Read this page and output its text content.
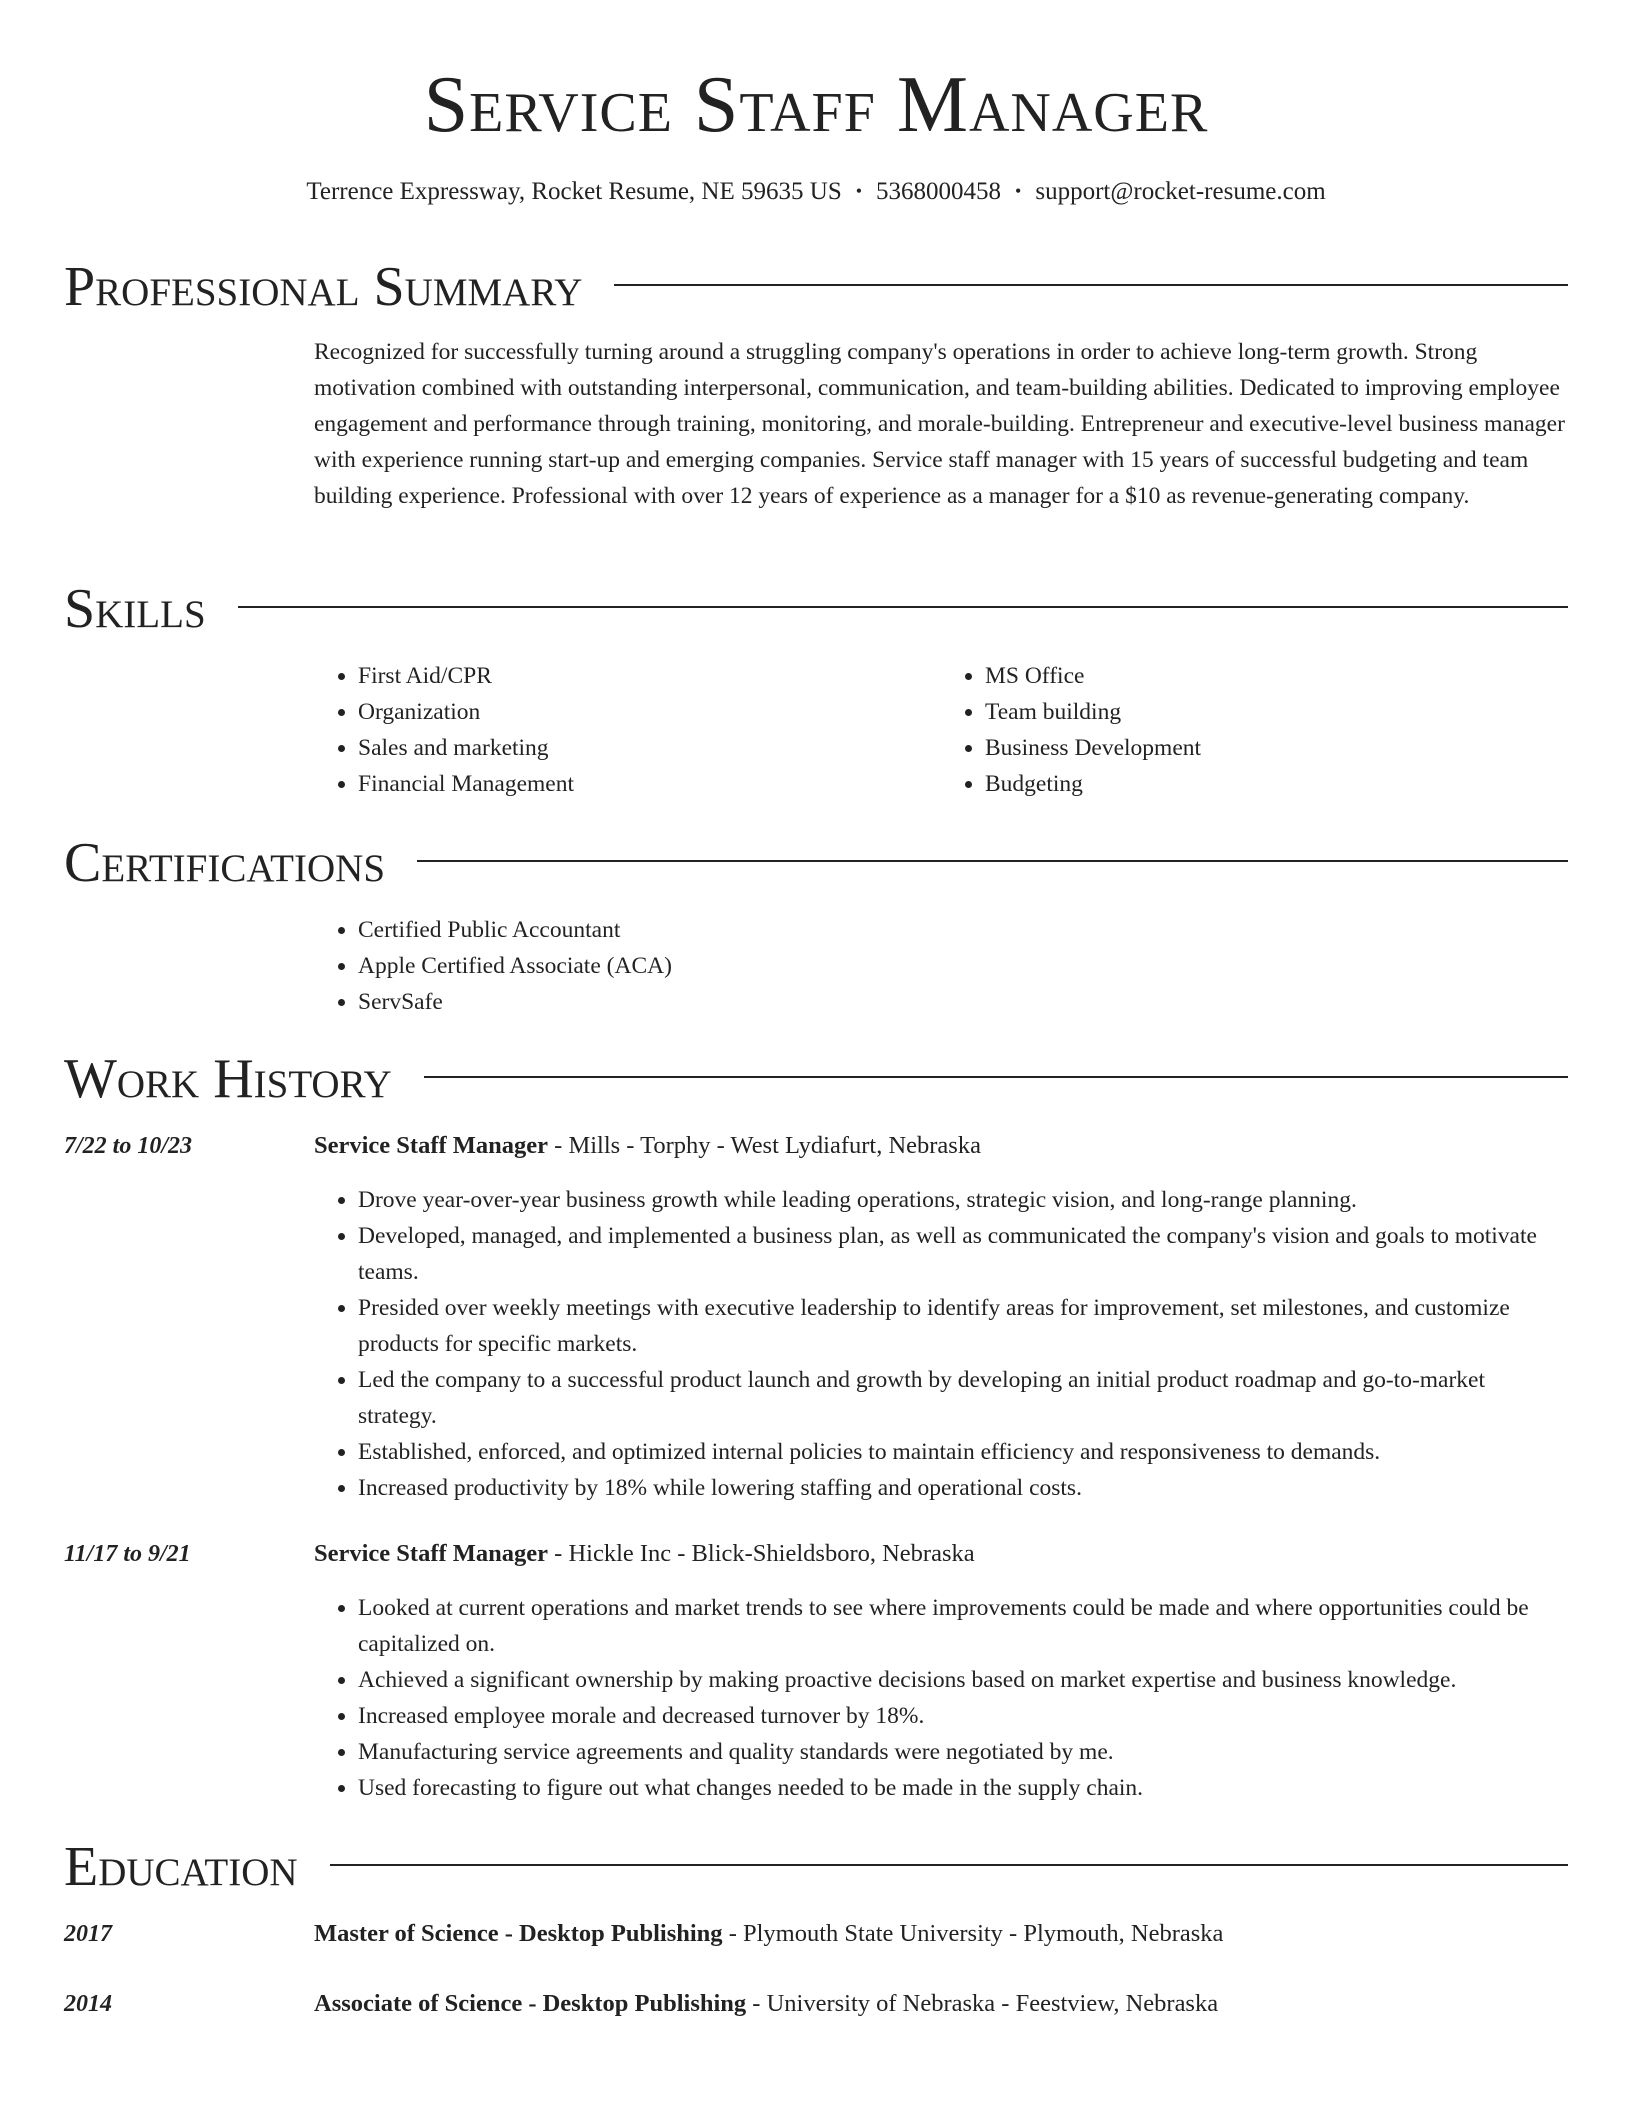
Service Staff Manager
Terrence Expressway, Rocket Resume, NE 59635 US • 5368000458 • support@rocket-resume.com
Professional Summary
Recognized for successfully turning around a struggling company's operations in order to achieve long-term growth. Strong motivation combined with outstanding interpersonal, communication, and team-building abilities. Dedicated to improving employee engagement and performance through training, monitoring, and morale-building. Entrepreneur and executive-level business manager with experience running start-up and emerging companies. Service staff manager with 15 years of successful budgeting and team building experience. Professional with over 12 years of experience as a manager for a $10 as revenue-generating company.
Skills
• First Aid/CPR
• Organization
• Sales and marketing
• Financial Management
• MS Office
• Team building
• Business Development
• Budgeting
Certifications
• Certified Public Accountant
• Apple Certified Associate (ACA)
• ServSafe
Work History
7/22 to 10/23	Service Staff Manager - Mills - Torphy - West Lydiafurt, Nebraska
• Drove year-over-year business growth while leading operations, strategic vision, and long-range planning.
• Developed, managed, and implemented a business plan, as well as communicated the company's vision and goals to motivate teams.
• Presided over weekly meetings with executive leadership to identify areas for improvement, set milestones, and customize products for specific markets.
• Led the company to a successful product launch and growth by developing an initial product roadmap and go-to-market strategy.
• Established, enforced, and optimized internal policies to maintain efficiency and responsiveness to demands.
• Increased productivity by 18% while lowering staffing and operational costs.
11/17 to 9/21	Service Staff Manager - Hickle Inc - Blick-Shieldsboro, Nebraska
• Looked at current operations and market trends to see where improvements could be made and where opportunities could be capitalized on.
• Achieved a significant ownership by making proactive decisions based on market expertise and business knowledge.
• Increased employee morale and decreased turnover by 18%.
• Manufacturing service agreements and quality standards were negotiated by me.
• Used forecasting to figure out what changes needed to be made in the supply chain.
Education
2017	Master of Science - Desktop Publishing - Plymouth State University - Plymouth, Nebraska
2014	Associate of Science - Desktop Publishing - University of Nebraska - Feestview, Nebraska
